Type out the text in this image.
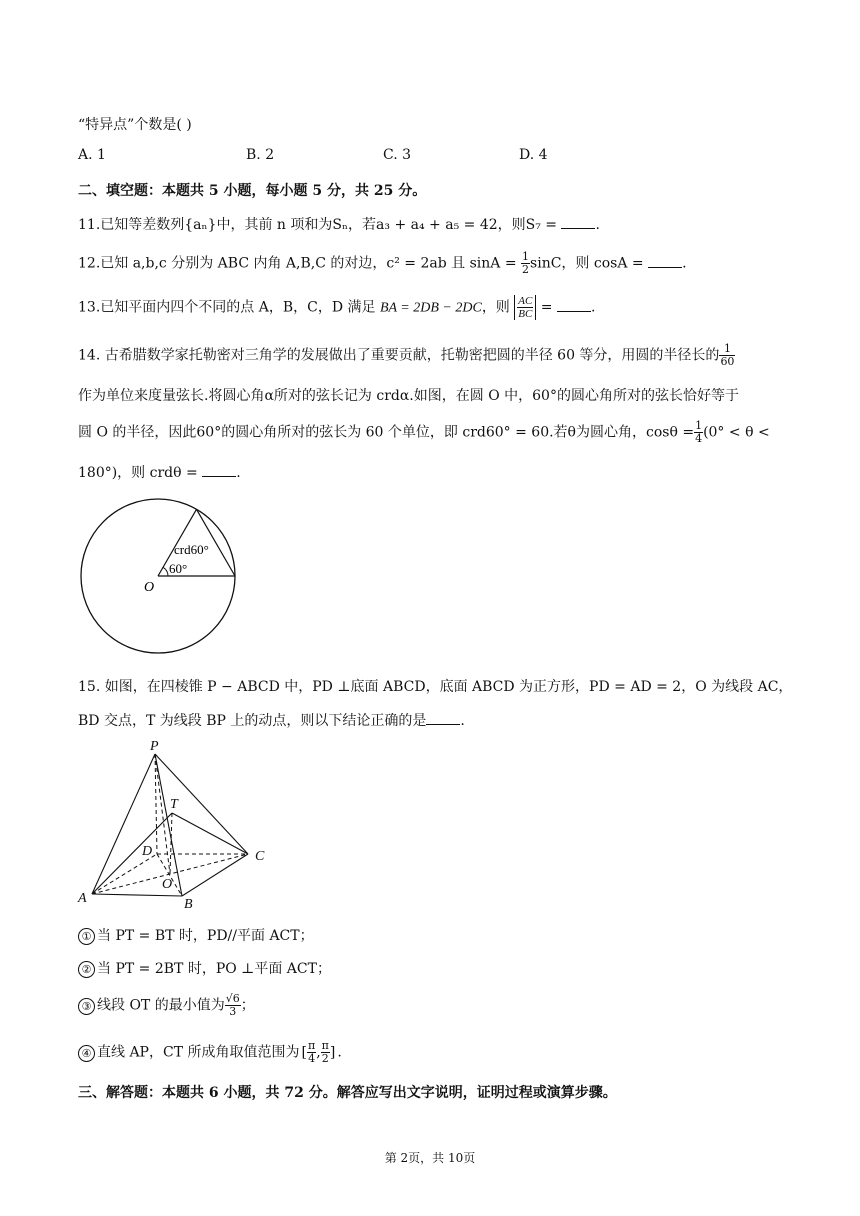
“特异点”个数是( )
A. 1	B. 2	C. 3	D. 4
二、填空题：本题共 5 小题，每小题 5 分，共 25 分。
11.已知等差数列{aₙ}中，其前 n 项和为Sₙ，若a₃ + a₄ + a₅ = 42，则S₇ =	.
12.已知 a,b,c 分别为 ABC 内角 A,B,C 的对边，c² = 2ab 且 $\sin A = \frac{1}{2}$ sinC，则 cosA =	.
13.已知平面内四个不同的点 A，B，C，D 满足 BA = 2DB − 2DC，则 $\frac{AC}{BC}$ =	.
14. 古希腊数学家托勒密对三角学的发展做出了重要贡献，托勒密把圆的半径 60 等分，用圆的半径长的 $\frac{1}{60}$
作为单位来度量弦长.将圆心角α所对的弦长记为 crdα.如图，在圆 O 中，60°的圆心角所对的弦长恰好等于
圆 O 的半径，因此60°的圆心角所对的弦长为 60 个单位，即 crd60° = 60.若θ为圆心角，$\cos\theta = \frac{1}{4} (0^\circ < \theta$ <
180°)，则 crdθ =	.
crd60°
60°
O
15. 如图，在四棱锥 P − ABCD 中，PD ⊥底面 ABCD，底面 ABCD 为正方形，PD = AD = 2，O 为线段 AC，
BD 交点，T 为线段 BP 上的动点，则以下结论正确的是 .
P
T
D	C
O
A	B
① 当 PT = BT 时，PD//平面 ACT；
② 当 PT = 2BT 时，PO ⊥平面 ACT；
③ 线段 OT 的最小值为 $\frac{√6}{3}$ ；
④ 直线 AP，CT 所成角取值范围为 [ $\frac{\pi}{4}$ , $\frac{\pi}{2}$ ] .
三、解答题：本题共 6 小题，共 72 分。解答应写出文字说明，证明过程或演算步骤。
第 2页，共 10页
